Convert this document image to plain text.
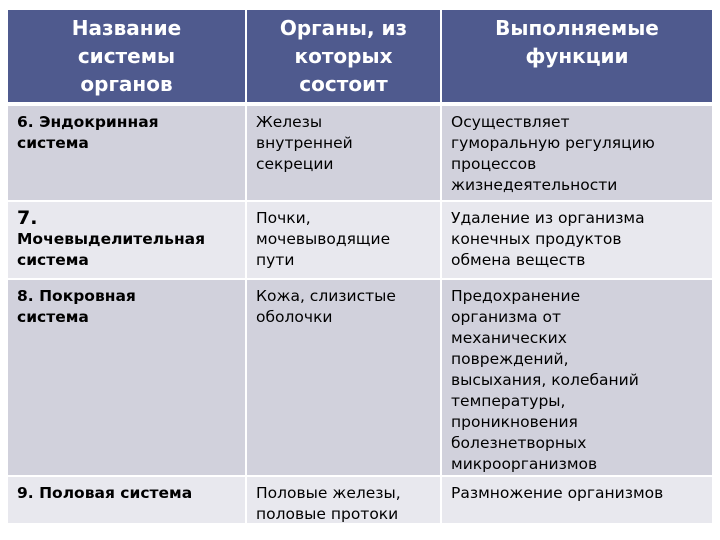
Название
системы
органов
Органы, из
которых
состоит
Выполняемые
функции
6. Эндокринная
система
Железы
внутренней
секреции
Осуществляет
гуморальную регуляцию
процессов
жизнедеятельности
7.
Мочевыделительная
система
Почки,
мочевыводящие
пути
Удаление из организма
конечных продуктов
обмена веществ
8. Покровная
система
Кожа, слизистые
оболочки
Предохранение
организма от
механических
повреждений,
высыхания, колебаний
температуры,
проникновения
болезнетворных
микроорганизмов
9. Половая система	Половые железы,
половые протоки
Размножение организмов
